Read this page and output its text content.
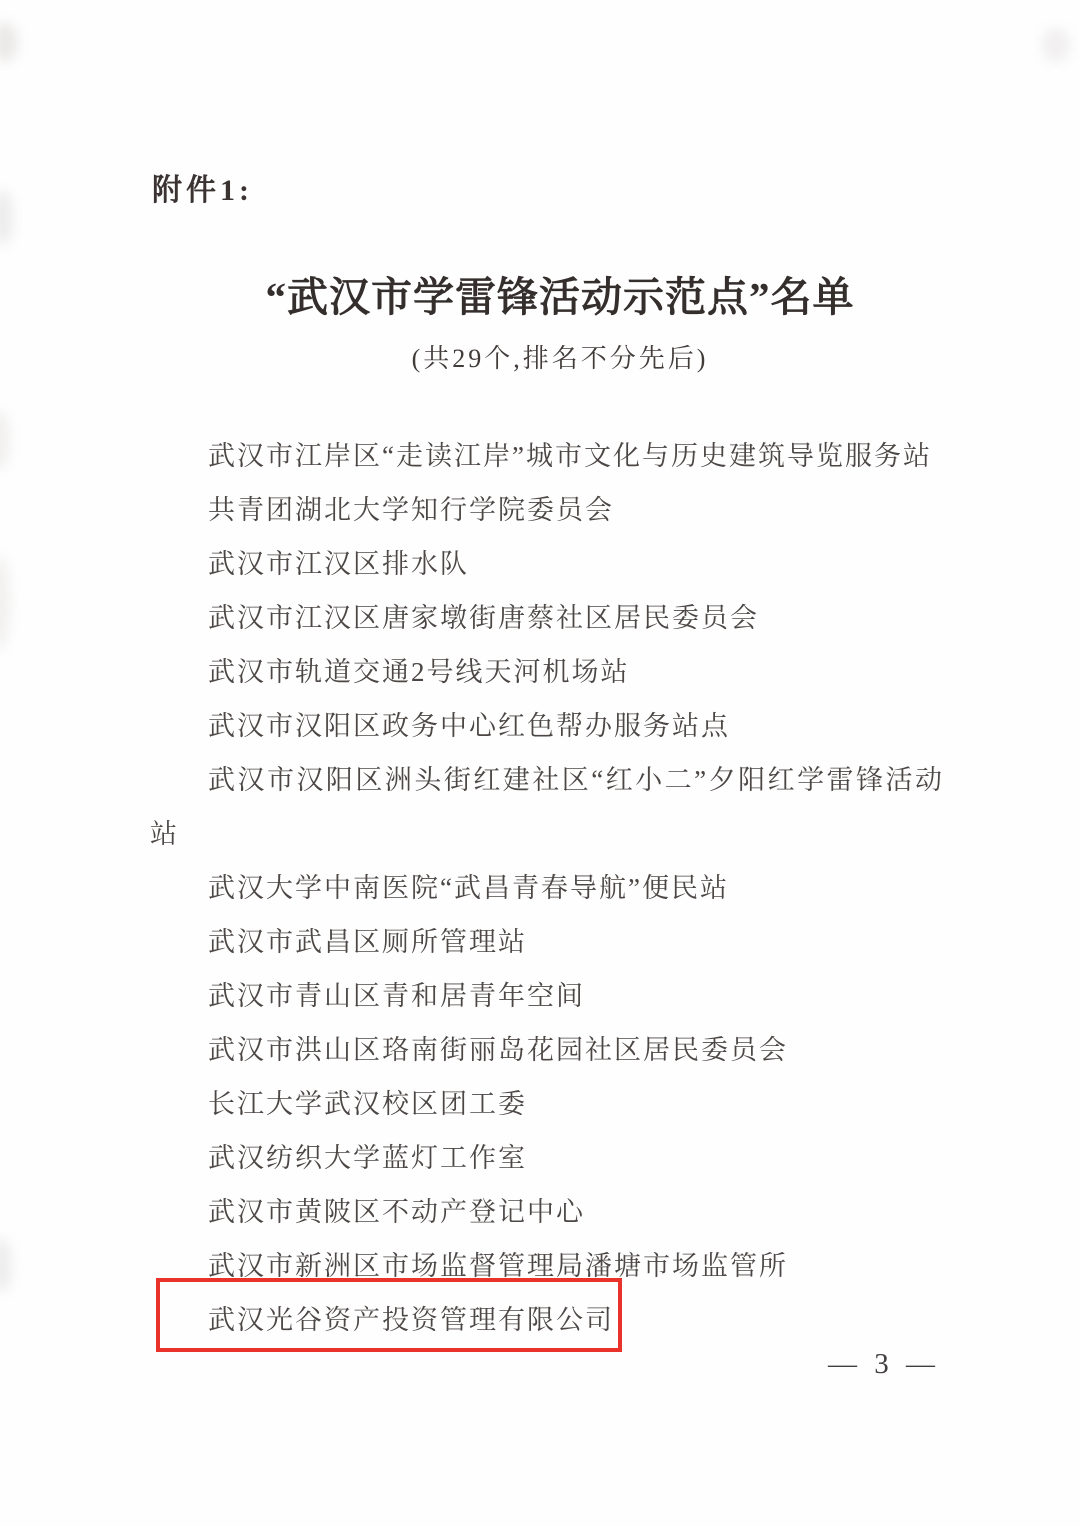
附件1:
“武汉市学雷锋活动示范点”名单
(共29个,排名不分先后)

武汉市江岸区“走读江岸”城市文化与历史建筑导览服务站

共青团湖北大学知行学院委员会

武汉市江汉区排水队

武汉市江汉区唐家墩街唐蔡社区居民委员会

武汉市轨道交通2号线天河机场站

武汉市汉阳区政务中心红色帮办服务站点

武汉市汉阳区洲头街红建社区“红小二”夕阳红学雷锋活动站

武汉大学中南医院“武昌青春导航”便民站

武汉市武昌区厕所管理站

武汉市青山区青和居青年空间

武汉市洪山区珞南街丽岛花园社区居民委员会

长江大学武汉校区团工委

武汉纺织大学蓝灯工作室

武汉市黄陂区不动产登记中心

武汉市新洲区市场监督管理局潘塘市场监管所

武汉光谷资产投资管理有限公司

— 3 —
